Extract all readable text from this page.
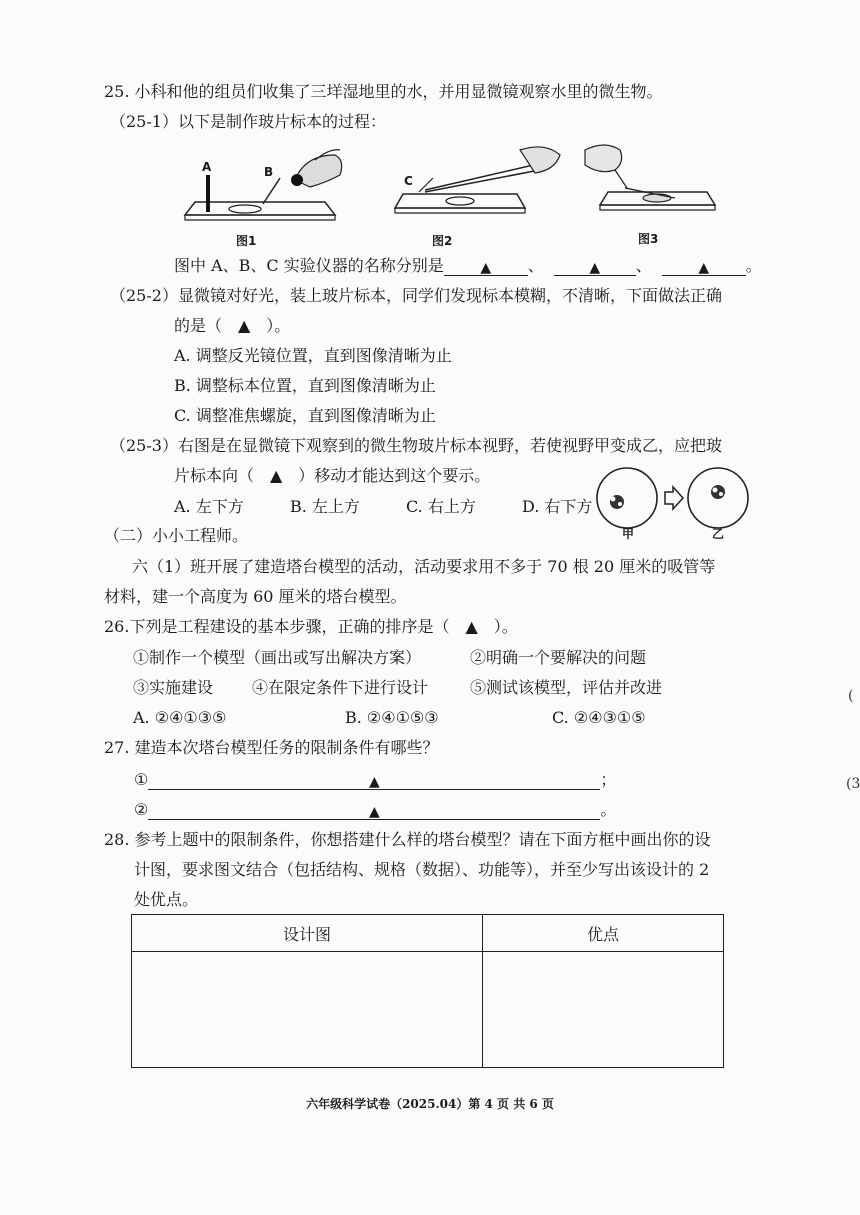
25. 小科和他的组员们收集了三垟湿地里的水，并用显微镜观察水里的微生物。
（25-1）以下是制作玻片标本的过程：
A	B
C
图1	图2	图3
图中 A、B、C 实验仪器的名称分别是	▲ 、	▲ 、	▲ 。
（25-2）显微镜对好光，装上玻片标本，同学们发现标本模糊，不清晰，下面做法正确
的是（　▲　）。
A. 调整反光镜位置，直到图像清晰为止
B. 调整标本位置，直到图像清晰为止
C. 调整准焦螺旋，直到图像清晰为止
（25-3）右图是在显微镜下观察到的微生物玻片标本视野，若使视野甲变成乙，应把玻
片标本向（　▲　）移动才能达到这个要示。
A. 左下方	B. 左上方	C. 右上方	D. 右下方
甲	乙
（二）小小工程师。
六（1）班开展了建造塔台模型的活动，活动要求用不多于 70 根 20 厘米的吸管等
材料，建一个高度为 60 厘米的塔台模型。
26.下列是工程建设的基本步骤，正确的排序是（　▲　）。
①制作一个模型（画出或写出解决方案）	②明确一个要解决的问题
③实施建设 ④在限定条件下进行设计	⑤测试该模型，评估并改进
A. ②④①③⑤	B. ②④①⑤③	C. ②④③①⑤
27. 建造本次塔台模型任务的限制条件有哪些？
①	▲	；
②	▲	。
28. 参考上题中的限制条件，你想搭建什么样的塔台模型？请在下面方框中画出你的设
计图，要求图文结合（包括结构、规格（数据）、功能等），并至少写出该设计的 2
处优点。
设计图	优点

(
(3
六年级科学试卷（2025.04）第 4 页 共 6 页
